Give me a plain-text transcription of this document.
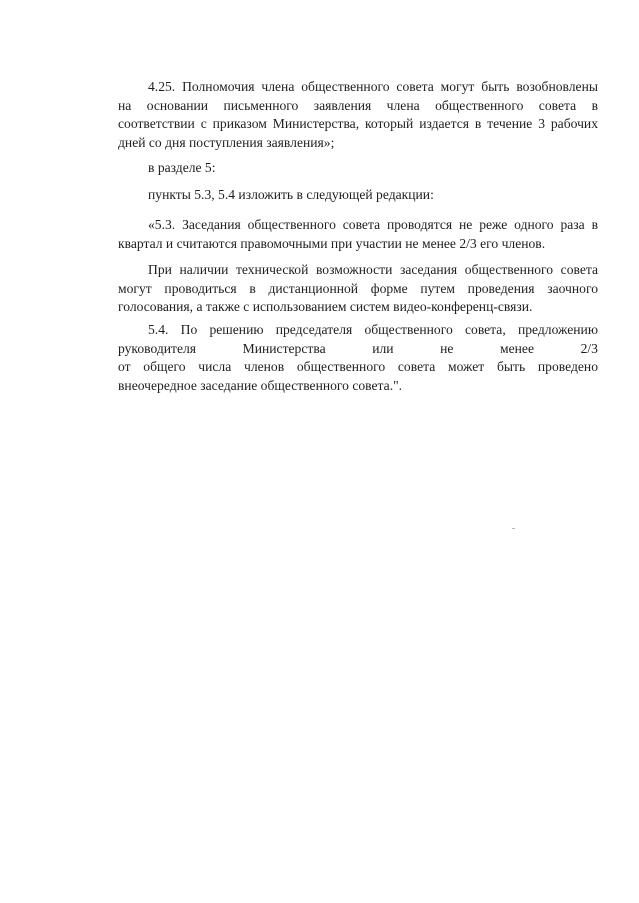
4.25. Полномочия члена общественного совета могут быть возобновлены
на основании письменного заявления члена общественного совета в
соответствии с приказом Министерства, который издается в течение 3 рабочих
дней со дня поступления заявления»;
в разделе 5:
пункты 5.3, 5.4 изложить в следующей редакции:
«5.3. Заседания общественного совета проводятся не реже одного раза в
квартал и считаются правомочными при участии не менее 2/3 его членов.
При наличии технической возможности заседания общественного совета
могут проводиться в дистанционной форме путем проведения заочного
голосования, а также с использованием систем видео-конференц-связи.
5.4. По решению председателя общественного совета, предложению
руководителя	Министерства	или	не	менее	2/3
от общего числа членов общественного совета может быть проведено
внеочередное заседание общественного совета.".
